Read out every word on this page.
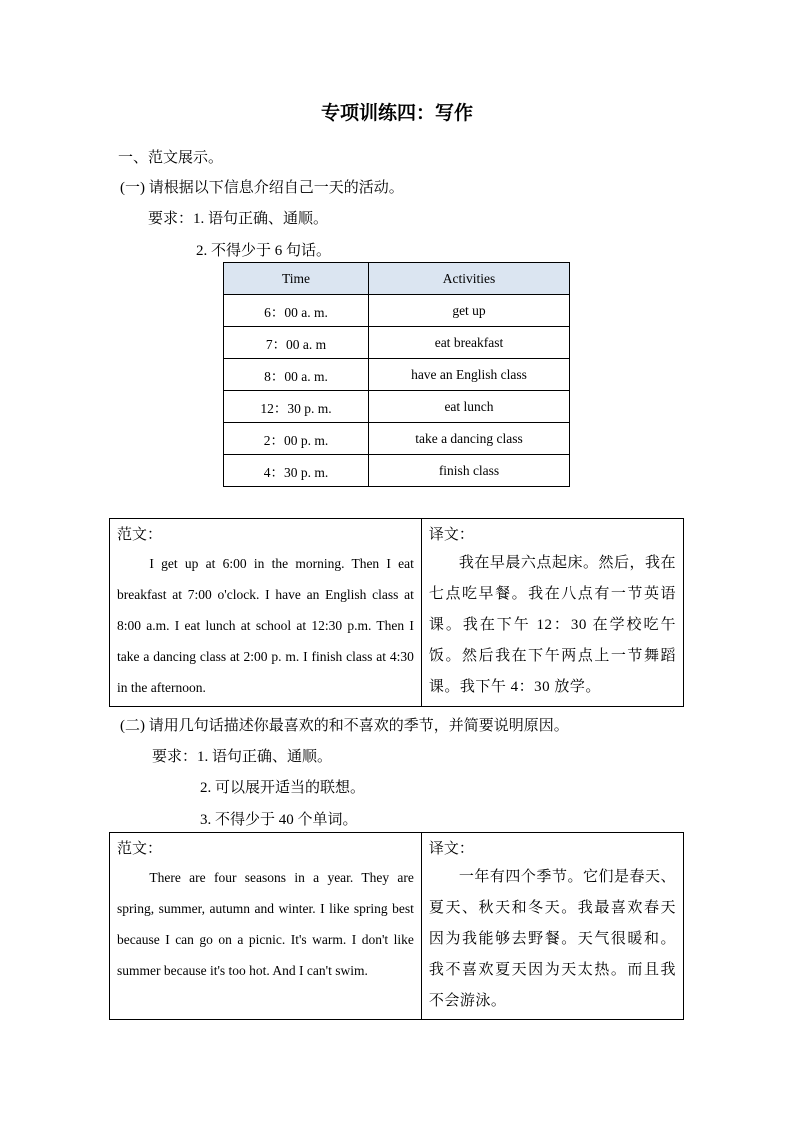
专项训练四：写作
一、范文展示。
(一) 请根据以下信息介绍自己一天的活动。
要求：1. 语句正确、通顺。
2. 不得少于 6 句话。
Time	Activities
6：00 a. m.	get up
7：00 a. m	eat breakfast
8：00 a. m.	have an English class
12：30 p. m.	eat lunch
2：00 p. m.	take a dancing class
4：30 p. m.	finish class
范文：
I get up at 6:00 in the morning. Then I eat breakfast at 7:00 o'clock. I have an English class at 8:00 a.m. I eat lunch at school at 12:30 p.m. Then I take a dancing class at 2:00 p. m. I finish class at 4:30 in the afternoon.
译文：
我在早晨六点起床。然后，我在七点吃早餐。我在八点有一节英语课。我在下午 12：30 在学校吃午饭。然后我在下午两点上一节舞蹈课。我下午 4：30 放学。
(二) 请用几句话描述你最喜欢的和不喜欢的季节，并简要说明原因。
要求：1. 语句正确、通顺。
2. 可以展开适当的联想。
3. 不得少于 40 个单词。
范文：
There are four seasons in a year. They are spring, summer, autumn and winter. I like spring best because I can go on a picnic. It's warm. I don't like summer because it's too hot. And I can't swim.
译文：
一年有四个季节。它们是春天、夏天、秋天和冬天。我最喜欢春天因为我能够去野餐。天气很暖和。我不喜欢夏天因为天太热。而且我不会游泳。
